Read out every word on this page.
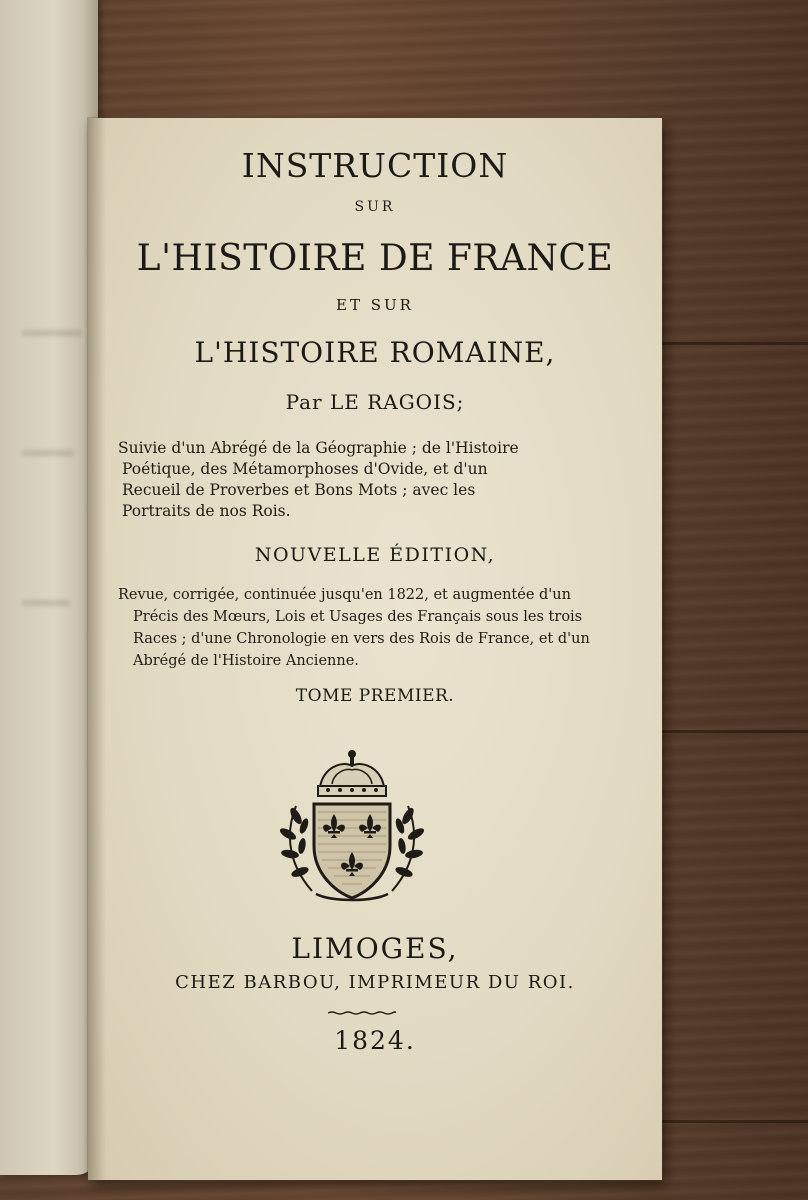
INSTRUCTION
SUR
L'HISTOIRE DE FRANCE
ET SUR
L'HISTOIRE ROMAINE,
Par LE RAGOIS;
Suivie d'un Abrégé de la Géographie ; de l'Histoire
Poétique, des Métamorphoses d'Ovide, et d'un
Recueil de Proverbes et Bons Mots ; avec les
Portraits de nos Rois.
NOUVELLE ÉDITION,
Revue, corrigée, continuée jusqu'en 1822, et augmentée d'un
Précis des Mœurs, Lois et Usages des Français sous les trois
Races ; d'une Chronologie en vers des Rois de France, et d'un
Abrégé de l'Histoire Ancienne.
TOME PREMIER.
LIMOGES,
CHEZ BARBOU, IMPRIMEUR DU ROI.
1824.
